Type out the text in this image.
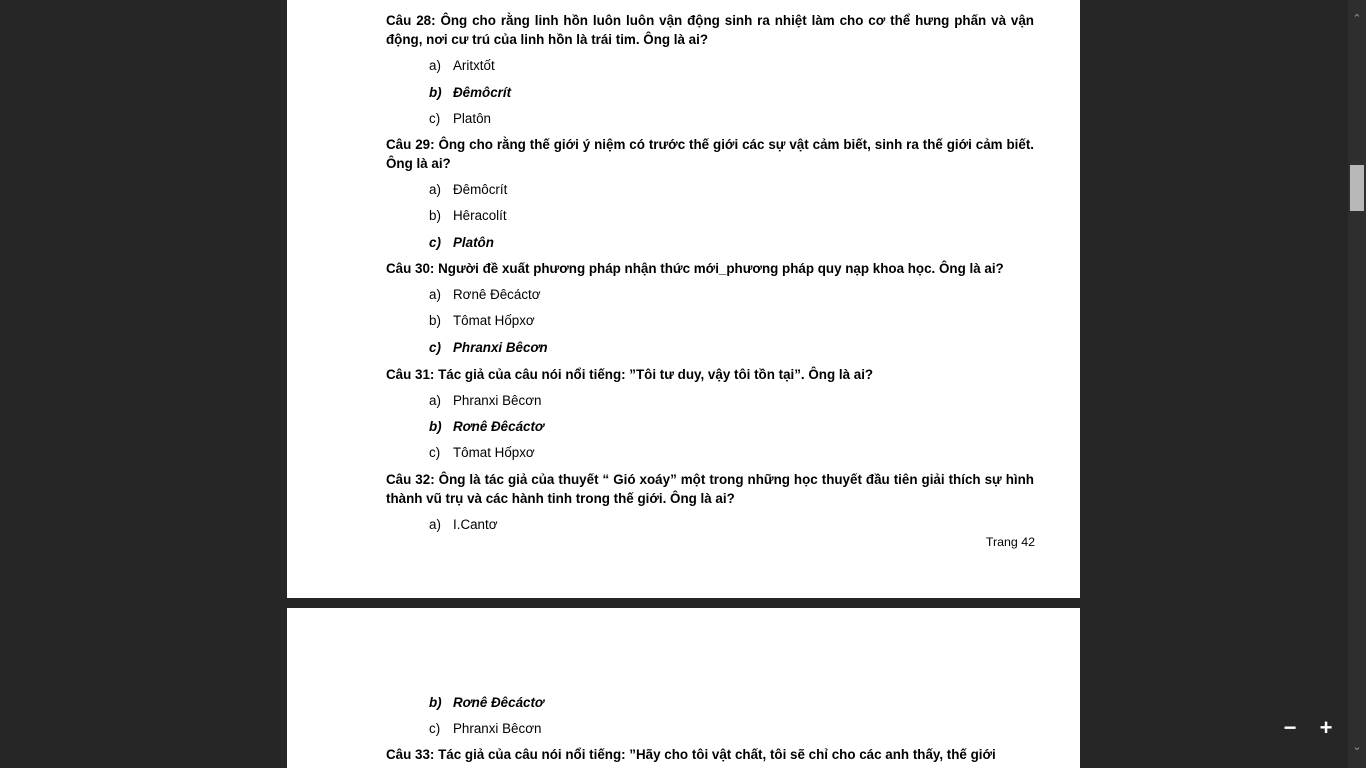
Câu 28: Ông cho rằng linh hồn luôn luôn vận động sinh ra nhiệt làm cho cơ thể hưng phấn và vận động, nơi cư trú của linh hồn là trái tim. Ông là ai?

a) Aritxtốt
b) Đêmôcrít
c) Platôn

Câu 29: Ông cho rằng thế giới ý niệm có trước thế giới các sự vật cảm biết, sinh ra thế giới cảm biết. Ông là ai?

a) Đêmôcrít
b) Hêracolít
c) Platôn

Câu 30: Người đề xuất phương pháp nhận thức mới_phương pháp quy nạp khoa học. Ông là ai?

a) Rơnê Đêcáctơ
b) Tômat Hốpxơ
c) Phranxi Bêcơn

Câu 31: Tác giả của câu nói nổi tiếng: ”Tôi tư duy, vậy tôi tồn tại”. Ông là ai?

a) Phranxi Bêcơn
b) Rơnê Đêcáctơ
c) Tômat Hốpxơ

Câu 32: Ông là tác giả của thuyết “ Gió xoáy” một trong những học thuyết đầu tiên giải thích sự hình thành vũ trụ và các hành tinh trong thế giới. Ông là ai?

a) I.Cantơ
Trang 42
b) Rơnê Đêcáctơ
c) Phranxi Bêcơn

Câu 33: Tác giả của câu nói nổi tiếng: ”Hãy cho tôi vật chất, tôi sẽ chỉ cho các anh thấy, thế giới

− +
⌃
⌄
